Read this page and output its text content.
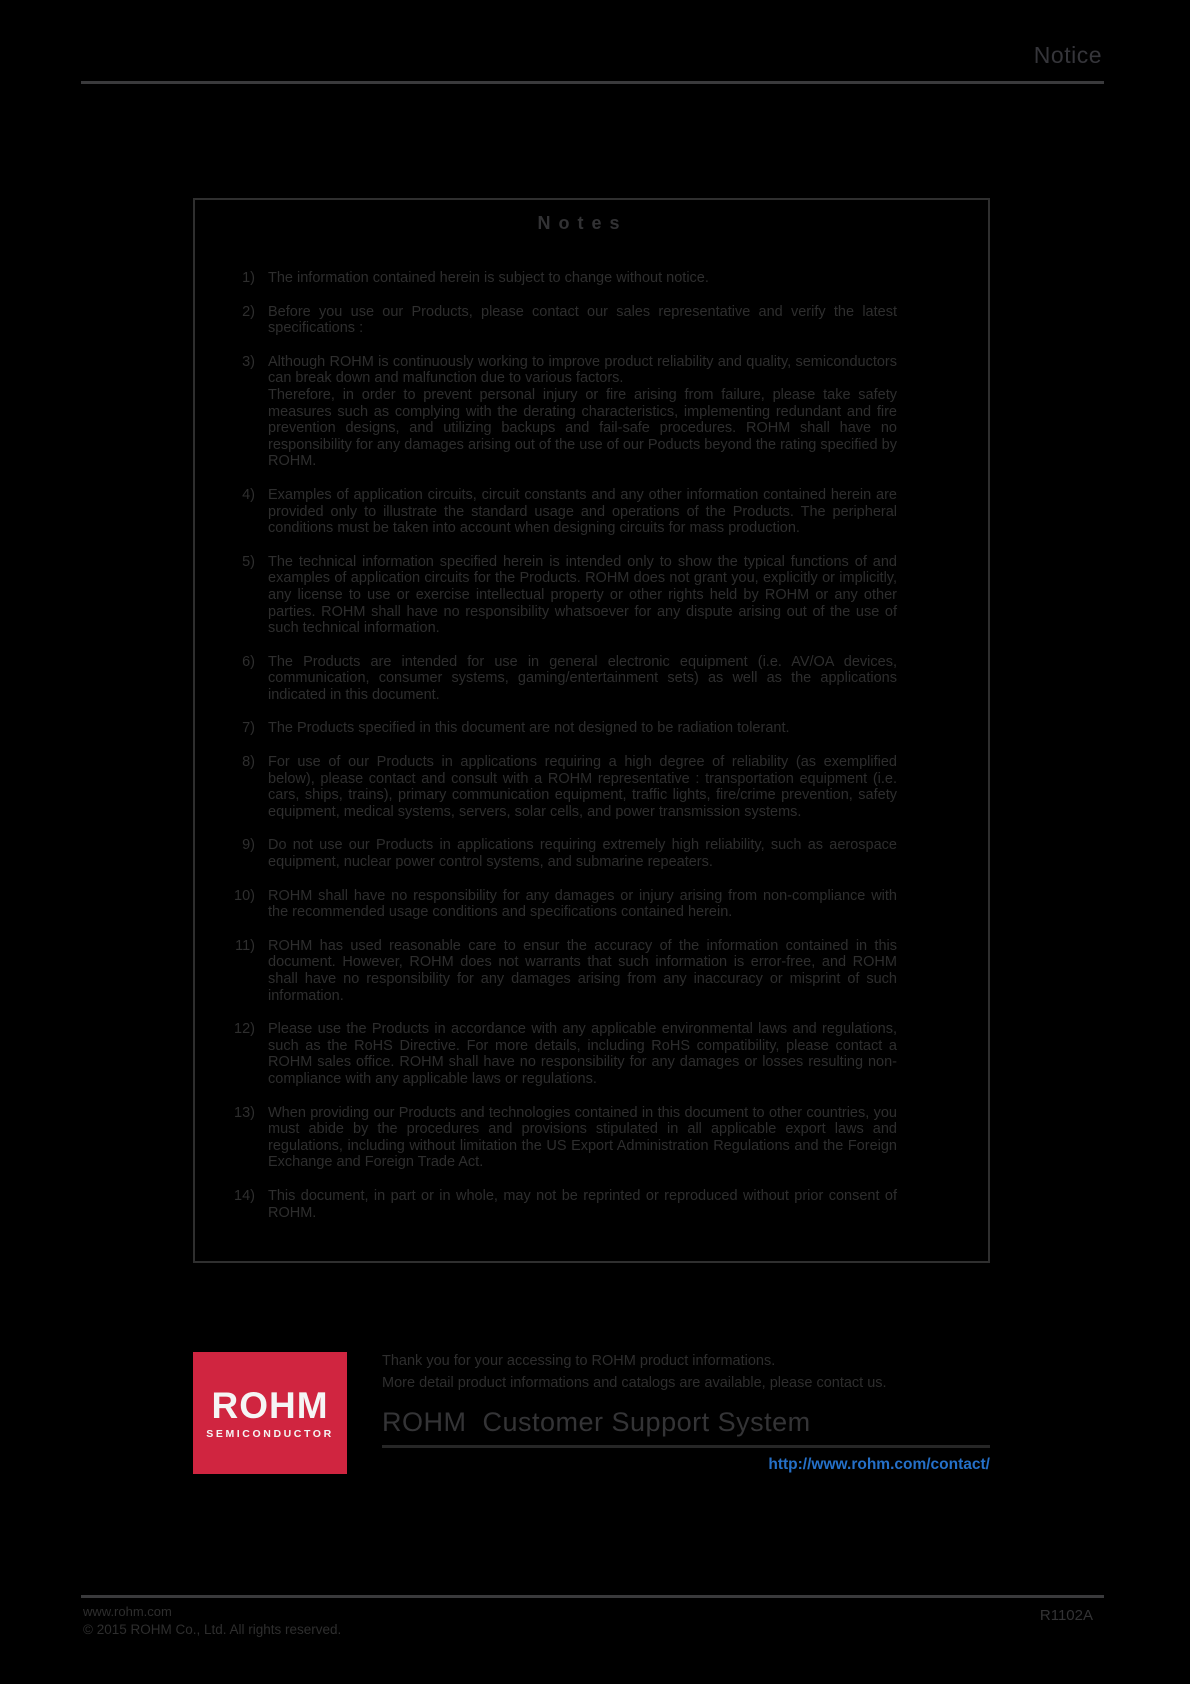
Notice
Notes
1) The information contained herein is subject to change without notice.
2) Before you use our Products, please contact our sales representative and verify the latest specifications :
3) Although ROHM is continuously working to improve product reliability and quality, semiconductors can break down and malfunction due to various factors.
Therefore, in order to prevent personal injury or fire arising from failure, please take safety measures such as complying with the derating characteristics, implementing redundant and fire prevention designs, and utilizing backups and fail-safe procedures. ROHM shall have no responsibility for any damages arising out of the use of our Poducts beyond the rating specified by ROHM.
4) Examples of application circuits, circuit constants and any other information contained herein are provided only to illustrate the standard usage and operations of the Products. The peripheral conditions must be taken into account when designing circuits for mass production.
5) The technical information specified herein is intended only to show the typical functions of and examples of application circuits for the Products. ROHM does not grant you, explicitly or implicitly, any license to use or exercise intellectual property or other rights held by ROHM or any other parties. ROHM shall have no responsibility whatsoever for any dispute arising out of the use of such technical information.
6) The Products are intended for use in general electronic equipment (i.e. AV/OA devices, communication, consumer systems, gaming/entertainment sets) as well as the applications indicated in this document.
7) The Products specified in this document are not designed to be radiation tolerant.
8) For use of our Products in applications requiring a high degree of reliability (as exemplified below), please contact and consult with a ROHM representative : transportation equipment (i.e. cars, ships, trains), primary communication equipment, traffic lights, fire/crime prevention, safety equipment, medical systems, servers, solar cells, and power transmission systems.
9) Do not use our Products in applications requiring extremely high reliability, such as aerospace equipment, nuclear power control systems, and submarine repeaters.
10) ROHM shall have no responsibility for any damages or injury arising from non-compliance with the recommended usage conditions and specifications contained herein.
11) ROHM has used reasonable care to ensur the accuracy of the information contained in this document. However, ROHM does not warrants that such information is error-free, and ROHM shall have no responsibility for any damages arising from any inaccuracy or misprint of such information.
12) Please use the Products in accordance with any applicable environmental laws and regulations, such as the RoHS Directive. For more details, including RoHS compatibility, please contact a ROHM sales office. ROHM shall have no responsibility for any damages or losses resulting non-compliance with any applicable laws or regulations.
13) When providing our Products and technologies contained in this document to other countries, you must abide by the procedures and provisions stipulated in all applicable export laws and regulations, including without limitation the US Export Administration Regulations and the Foreign Exchange and Foreign Trade Act.
14) This document, in part or in whole, may not be reprinted or reproduced without prior consent of ROHM.
ROHM
SEMICONDUCTOR
Thank you for your accessing to ROHM product informations.
More detail product informations and catalogs are available, please contact us.
ROHM  Customer Support System
http://www.rohm.com/contact/
www.rohm.com
© 2015 ROHM Co., Ltd. All rights reserved.
R1102A
